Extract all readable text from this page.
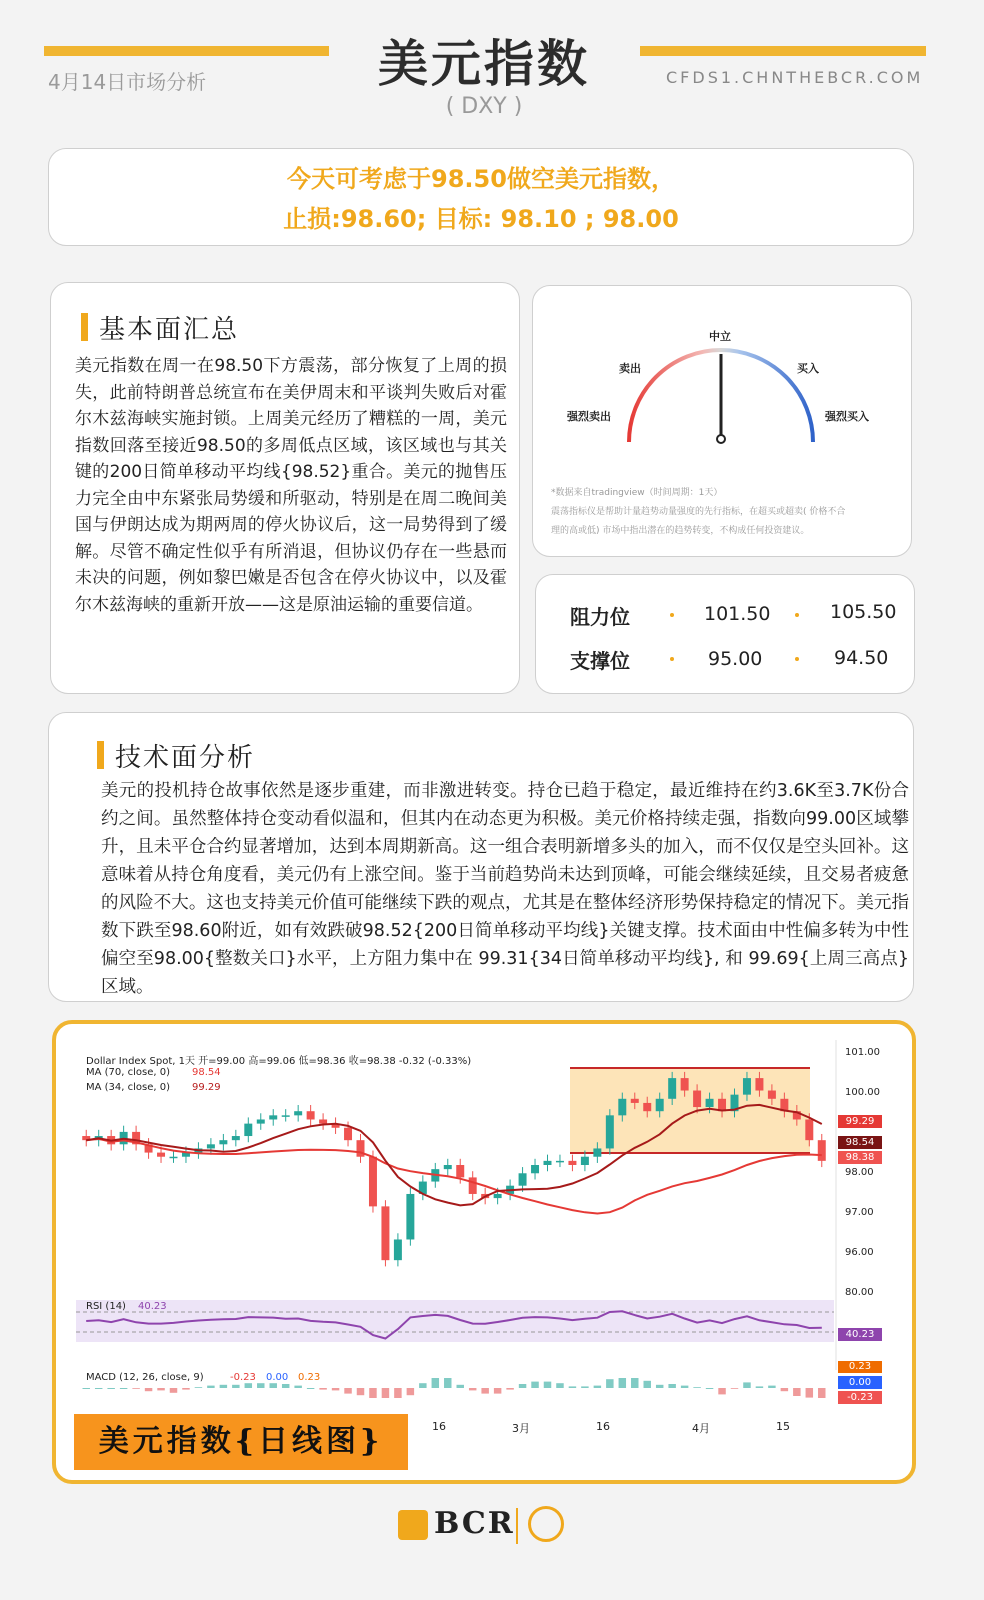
4月14日市场分析	美元指数
( DXY )
CFDS1.CHNTHEBCR.COM
今天可考虑于98.50做空美元指数，
止损:98.60; 目标: 98.10 ; 98.00
基本面汇总
美元指数在周一在98.50下方震荡，部分恢复了上周的损失，此前特朗普总统宣布在美伊周末和平谈判失败后对霍尔木兹海峡实施封锁。上周美元经历了糟糕的一周，美元指数回落至接近98.50的多周低点区域，该区域也与其关键的200日简单移动平均线{98.52}重合。美元的抛售压力完全由中东紧张局势缓和所驱动，特别是在周二晚间美国与伊朗达成为期两周的停火协议后，这一局势得到了缓解。尽管不确定性似乎有所消退，但协议仍存在一些悬而未决的问题，例如黎巴嫩是否包含在停火协议中，以及霍尔木兹海峡的重新开放——这是原油运输的重要信道。
中立
卖出	买入
强烈卖出	强烈买入
*数据来自tradingview（时间周期：1天）
震荡指标仪是帮助计量趋势动量强度的先行指标，在超买或超卖( 价格不合
理的高或低) 市场中指出潜在的趋势转变，不构成任何投资建议。
阻力位	101.50	105.50
支撑位	95.00	94.50
技术面分析
美元的投机持仓故事依然是逐步重建，而非激进转变。持仓已趋于稳定，最近维持在约3.6K至3.7K份合约之间。虽然整体持仓变动看似温和，但其内在动态更为积极。美元价格持续走强，指数向99.00区域攀升，且未平仓合约显著增加，达到本周期新高。这一组合表明新增多头的加入，而不仅仅是空头回补。这意味着从持仓角度看，美元仍有上涨空间。鉴于当前趋势尚未达到顶峰，可能会继续延续，且交易者疲惫的风险不大。这也支持美元价值可能继续下跌的观点，尤其是在整体经济形势保持稳定的情况下。美元指数下跌至98.60附近，如有效跌破98.52{200日简单移动平均线}关键支撑。技术面由中性偏多转为中性偏空至98.00{整数关口}水平，上方阻力集中在 99.31{34日简单移动平均线}, 和 99.69{上周三高点}区域。
Dollar Index Spot, 1天 开=99.00 高=99.06 低=98.36 收=98.38 -0.32 (-0.33%)
MA (70, close, 0) 98.54
MA (34, close, 0) 99.29
RSI (14) 40.23
MACD (12, 26, close, 9)	-0.23 0.00 0.23
101.00
100.00
98.00
97.00
96.00
80.00
99.29
98.54
98.38
40.23
0.23
0.00
-0.23
16	3月	16	4月	15
美元指数{日线图}
BCR
